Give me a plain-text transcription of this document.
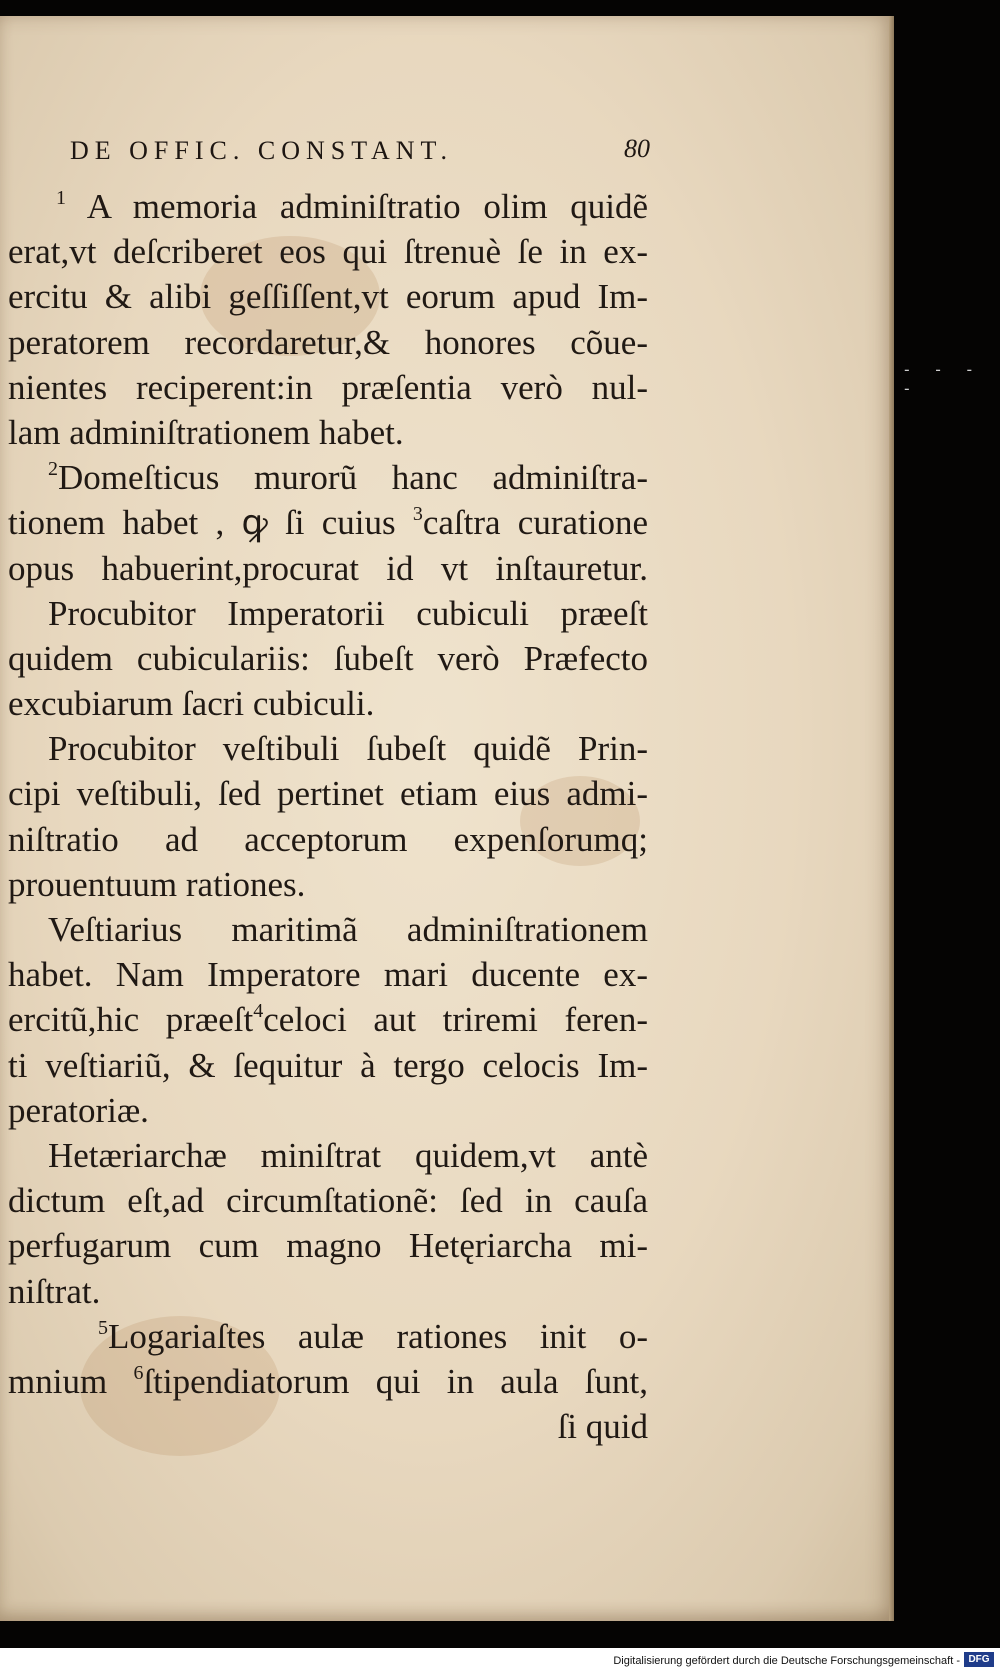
DE OFFIC. CONSTANT.	80
$^1$ A memoria adminiſtratio olim quidẽ
erat,vt deſcriberet eos qui ſtrenuè ſe in ex-
ercitu & alibi geſſiſſent,vt eorum apud Im-
peratorem recordaretur,& honores cõue-
nientes reciperent:in præſentia verò nul-
lam adminiſtrationem habet.
$^2$Domeſticus murorũ hanc adminiſtra-
tionem habet , ꝙ ſi cuius $^3$caſtra curatione
opus habuerint,procurat id vt inſtauretur.
Procubitor Imperatorii cubiculi præeſt
quidem cubiculariis: ſubeſt verò Præfecto
excubiarum ſacri cubiculi.
Procubitor veſtibuli ſubeſt quidẽ Prin-
cipi veſtibuli, ſed pertinet etiam eius admi-
niſtratio ad acceptorum expenſorumq;
prouentuum rationes.
Veſtiarius maritimã adminiſtrationem
habet. Nam Imperatore mari ducente ex-
ercitũ,hic præeſt$^4$celoci aut triremi feren-
ti veſtiariũ, & ſequitur à tergo celocis Im-
peratoriæ.
Hetæriarchæ miniſtrat quidem,vt antè
dictum eſt,ad circumſtationẽ: ſed in cauſa
perfugarum cum magno Hetęriarcha mi-
niſtrat.
$^5$Logariaſtes aulæ rationes init o-
mnium $^6$ſtipendiatorum qui in aula ſunt,
ſi quid
- - - -
Digitalisierung gefördert durch die Deutsche Forschungsgemeinschaft - DFG
